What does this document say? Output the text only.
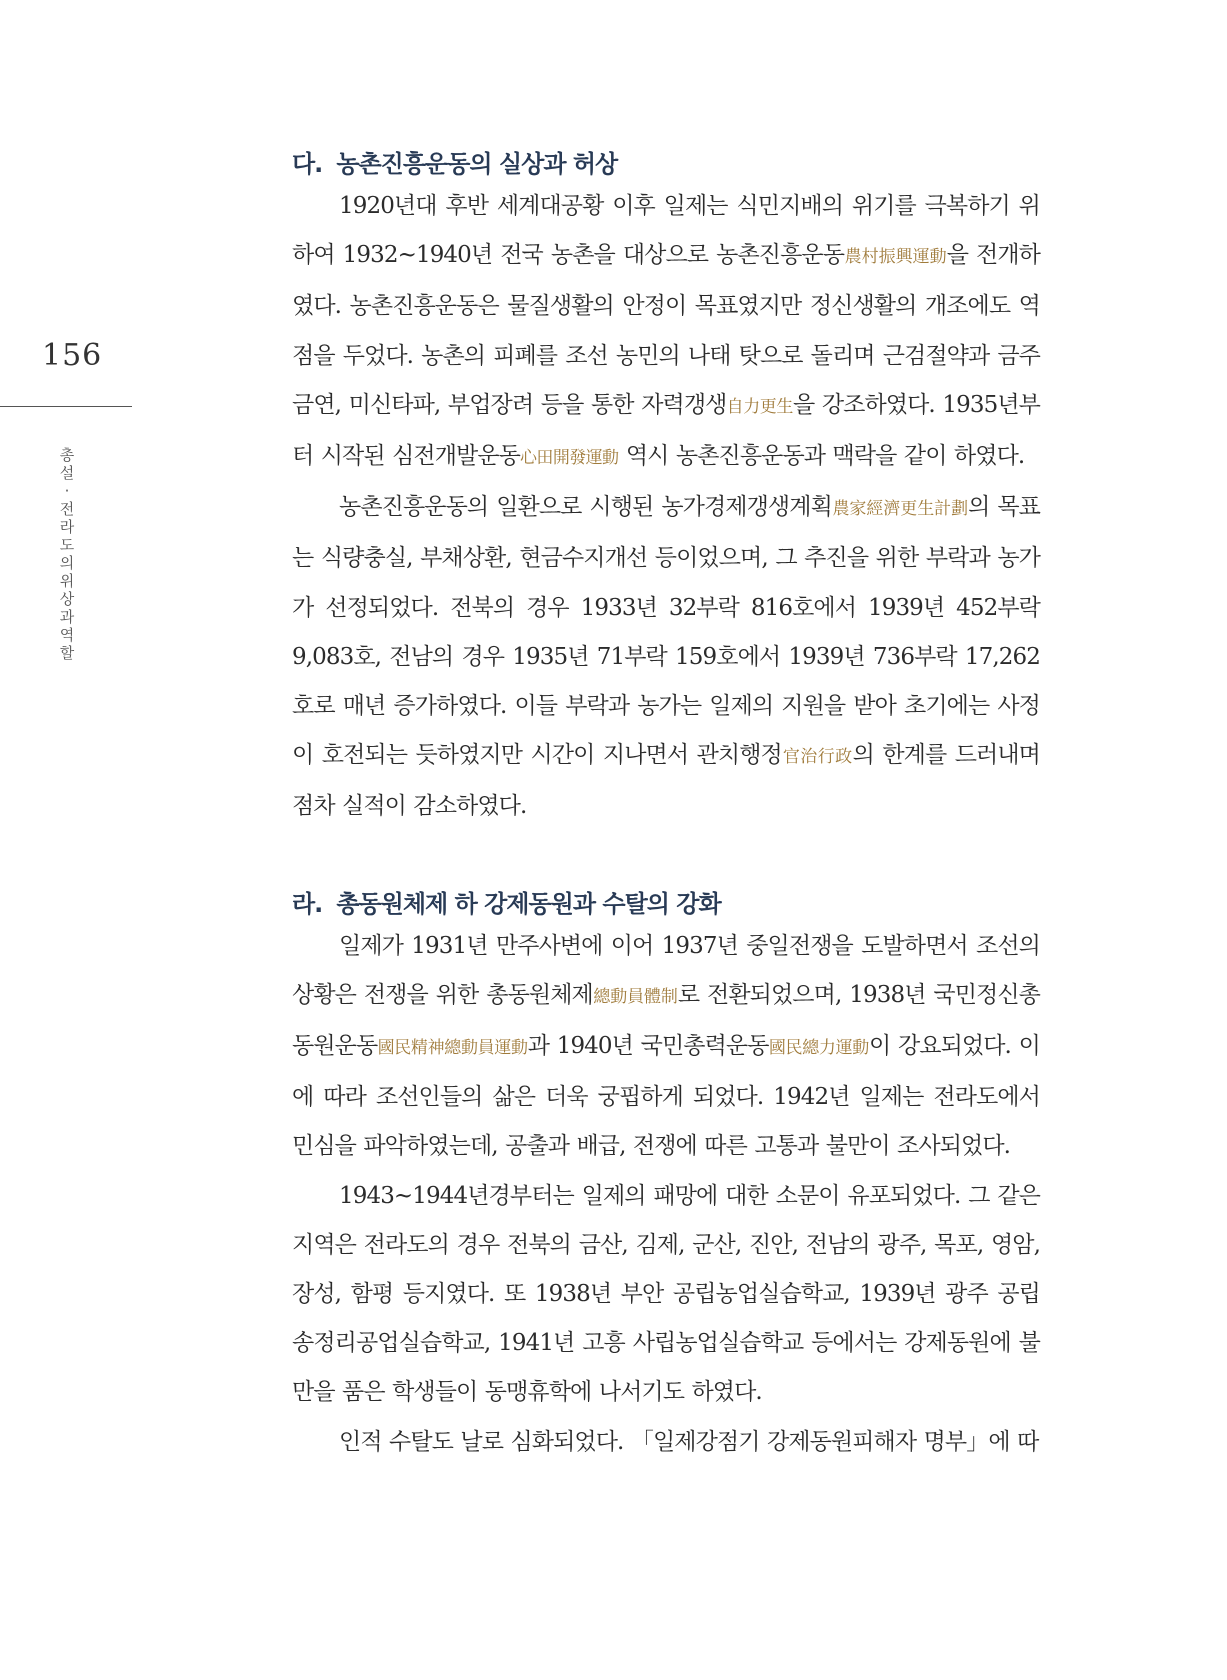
156
총설 · 전라도의 위상과 역할
다. 농촌진흥운동의 실상과 허상

1920년대 후반 세계대공황 이후 일제는 식민지배의 위기를 극복하기 위하여 1932~1940년 전국 농촌을 대상으로 농촌진흥운동農村振興運動을 전개하였다. 농촌진흥운동은 물질생활의 안정이 목표였지만 정신생활의 개조에도 역점을 두었다. 농촌의 피폐를 조선 농민의 나태 탓으로 돌리며 근검절약과 금주금연, 미신타파, 부업장려 등을 통한 자력갱생自力更生을 강조하였다. 1935년부터 시작된 심전개발운동心田開發運動 역시 농촌진흥운동과 맥락을 같이 하였다.

농촌진흥운동의 일환으로 시행된 농가경제갱생계획農家經濟更生計劃의 목표는 식량충실, 부채상환, 현금수지개선 등이었으며, 그 추진을 위한 부락과 농가가 선정되었다. 전북의 경우 1933년 32부락 816호에서 1939년 452부락 9,083호, 전남의 경우 1935년 71부락 159호에서 1939년 736부락 17,262호로 매년 증가하였다. 이들 부락과 농가는 일제의 지원을 받아 초기에는 사정이 호전되는 듯하였지만 시간이 지나면서 관치행정官治行政의 한계를 드러내며 점차 실적이 감소하였다.

라. 총동원체제 하 강제동원과 수탈의 강화

일제가 1931년 만주사변에 이어 1937년 중일전쟁을 도발하면서 조선의 상황은 전쟁을 위한 총동원체제總動員體制로 전환되었으며, 1938년 국민정신총동원운동國民精神總動員運動과 1940년 국민총력운동國民總力運動이 강요되었다. 이에 따라 조선인들의 삶은 더욱 궁핍하게 되었다. 1942년 일제는 전라도에서 민심을 파악하였는데, 공출과 배급, 전쟁에 따른 고통과 불만이 조사되었다.

1943~1944년경부터는 일제의 패망에 대한 소문이 유포되었다. 그 같은 지역은 전라도의 경우 전북의 금산, 김제, 군산, 진안, 전남의 광주, 목포, 영암, 장성, 함평 등지였다. 또 1938년 부안 공립농업실습학교, 1939년 광주 공립송정리공업실습학교, 1941년 고흥 사립농업실습학교 등에서는 강제동원에 불만을 품은 학생들이 동맹휴학에 나서기도 하였다.

인적 수탈도 날로 심화되었다. 「일제강점기 강제동원피해자 명부」에 따
